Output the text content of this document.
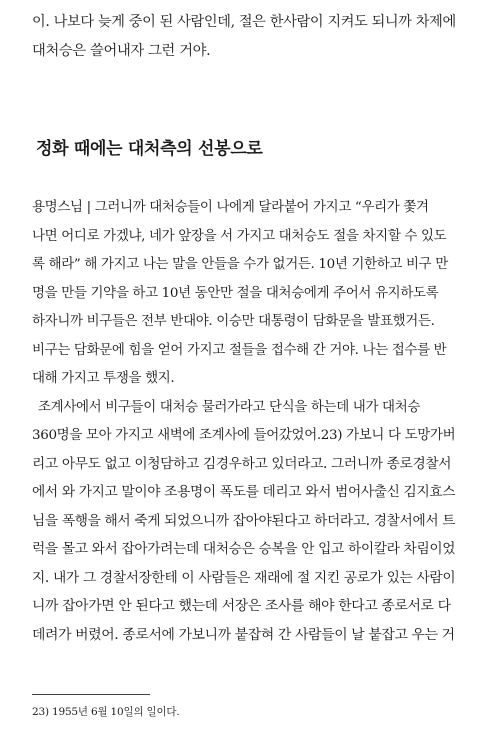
이. 나보다 늦게 중이 된 사람인데, 절은 한사람이 지켜도 되니까 차제에
대처승은 쓸어내자 그런 거야.
정화 때에는 대처측의 선봉으로
용명스님 | 그러니까 대처승들이 나에게 달라붙어 가지고 “우리가 쫓겨
나면 어디로 가겠냐, 네가 앞장을 서 가지고 대처승도 절을 차지할 수 있도
록 해라” 해 가지고 나는 말을 안들을 수가 없거든. 10년 기한하고 비구 만
명을 만들 기약을 하고 10년 동안만 절을 대처승에게 주어서 유지하도록
하자니까 비구들은 전부 반대야. 이승만 대통령이 담화문을 발표했거든.
비구는 담화문에 힘을 얻어 가지고 절들을 접수해 간 거야. 나는 접수를 반
대해 가지고 투쟁을 했지.
조계사에서 비구들이 대처승 물러가라고 단식을 하는데 내가 대처승
360명을 모아 가지고 새벽에 조계사에 들어갔었어.23) 가보니 다 도망가버
리고 아무도 없고 이청담하고 김경우하고 있더라고. 그러니까 종로경찰서
에서 와 가지고 말이야 조용명이 폭도를 데리고 와서 범어사출신 김지효스
님을 폭행을 해서 죽게 되었으니까 잡아야된다고 하더라고. 경찰서에서 트
럭을 몰고 와서 잡아가려는데 대처승은 승복을 안 입고 하이칼라 차림이었
지. 내가 그 경찰서장한테 이 사람들은 재래에 절 지킨 공로가 있는 사람이
니까 잡아가면 안 된다고 했는데 서장은 조사를 해야 한다고 종로서로 다
데려가 버렸어. 종로서에 가보니까 붙잡혀 간 사람들이 날 붙잡고 우는 거
23) 1955년 6월 10일의 일이다.
